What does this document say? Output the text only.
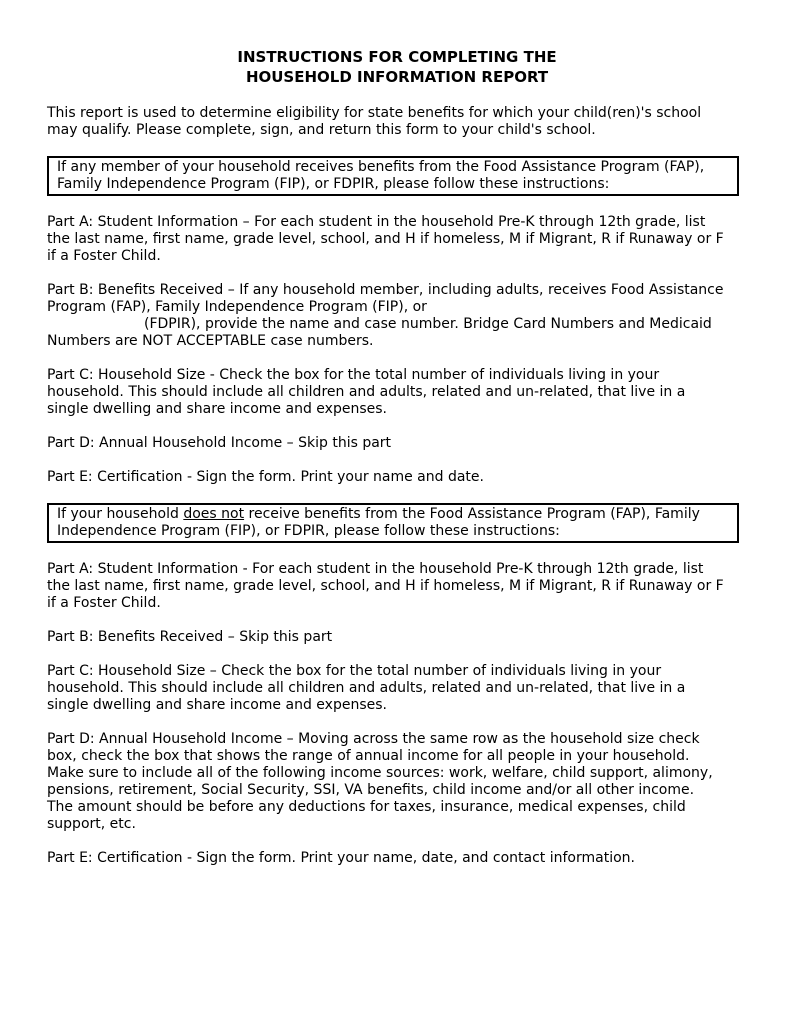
INSTRUCTIONS FOR COMPLETING THE
HOUSEHOLD INFORMATION REPORT
This report is used to determine eligibility for state benefits for which your child(ren)'s school
may qualify. Please complete, sign, and return this form to your child's school.
If any member of your household receives benefits from the Food Assistance Program (FAP),
Family Independence Program (FIP), or FDPIR, please follow these instructions:
Part A: Student Information – For each student in the household Pre-K through 12th grade, list
the last name, first name, grade level, school, and H if homeless, M if Migrant, R if Runaway or F
if a Foster Child.
Part B: Benefits Received – If any household member, including adults, receives Food Assistance
Program (FAP), Family Independence Program (FIP), or
(FDPIR), provide the name and case number. Bridge Card Numbers and Medicaid
Numbers are NOT ACCEPTABLE case numbers.
Part C: Household Size - Check the box for the total number of individuals living in your
household. This should include all children and adults, related and un-related, that live in a
single dwelling and share income and expenses.
Part D: Annual Household Income – Skip this part
Part E: Certification - Sign the form. Print your name and date.
If your household does not receive benefits from the Food Assistance Program (FAP), Family
Independence Program (FIP), or FDPIR, please follow these instructions:
Part A: Student Information - For each student in the household Pre-K through 12th grade, list
the last name, first name, grade level, school, and H if homeless, M if Migrant, R if Runaway or F
if a Foster Child.
Part B: Benefits Received – Skip this part
Part C: Household Size – Check the box for the total number of individuals living in your
household. This should include all children and adults, related and un-related, that live in a
single dwelling and share income and expenses.
Part D: Annual Household Income – Moving across the same row as the household size check
box, check the box that shows the range of annual income for all people in your household.
Make sure to include all of the following income sources: work, welfare, child support, alimony,
pensions, retirement, Social Security, SSI, VA benefits, child income and/or all other income.
The amount should be before any deductions for taxes, insurance, medical expenses, child
support, etc.
Part E: Certification - Sign the form. Print your name, date, and contact information.
